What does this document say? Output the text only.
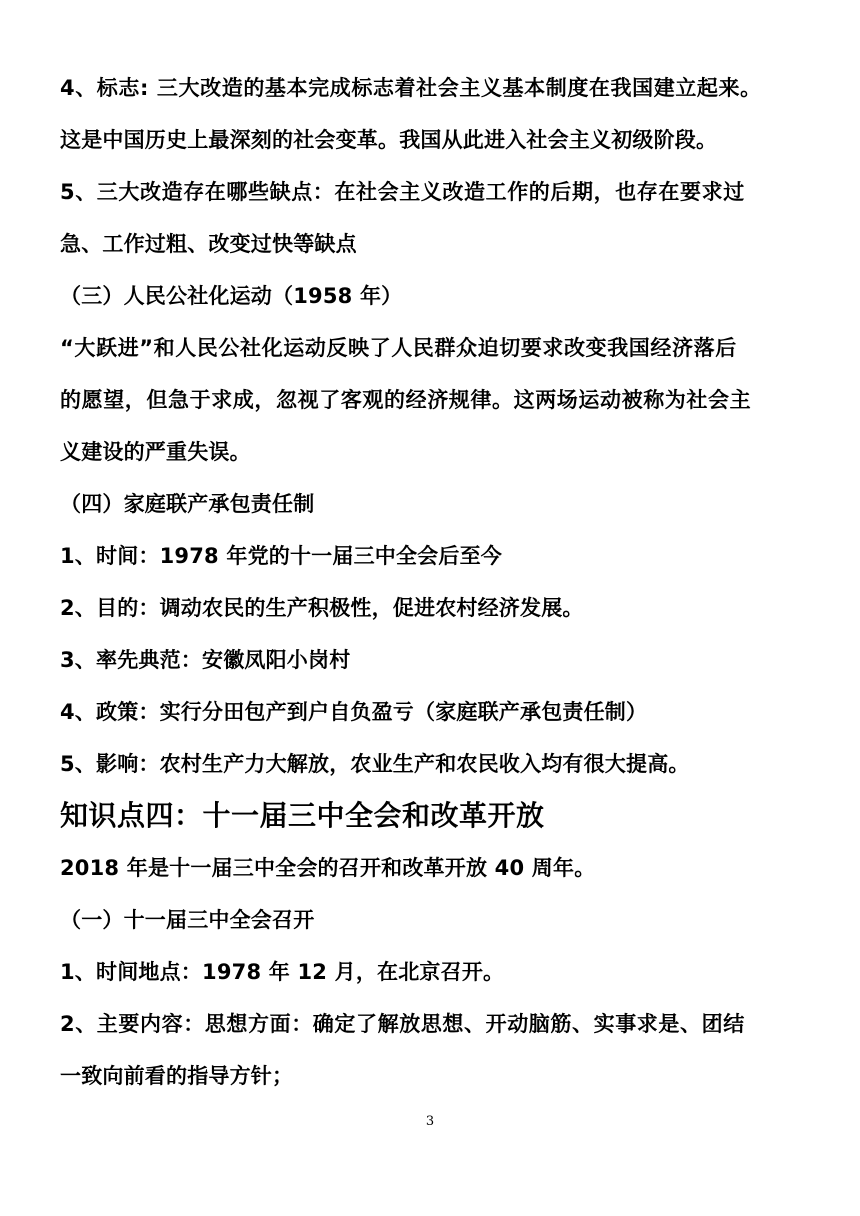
4、标志: 三大改造的基本完成标志着社会主义基本制度在我国建立起来。
这是中国历史上最深刻的社会变革。我国从此进入社会主义初级阶段。
5、三大改造存在哪些缺点：在社会主义改造工作的后期，也存在要求过
急、工作过粗、改变过快等缺点
（三）人民公社化运动（1958 年）
“大跃进”和人民公社化运动反映了人民群众迫切要求改变我国经济落后
的愿望，但急于求成，忽视了客观的经济规律。这两场运动被称为社会主
义建设的严重失误。
（四）家庭联产承包责任制
1、时间：1978 年党的十一届三中全会后至今
2、目的：调动农民的生产积极性，促进农村经济发展。
3、率先典范：安徽凤阳小岗村
4、政策：实行分田包产到户自负盈亏（家庭联产承包责任制）
5、影响：农村生产力大解放，农业生产和农民收入均有很大提高。
知识点四：十一届三中全会和改革开放
2018 年是十一届三中全会的召开和改革开放 40 周年。
（一）十一届三中全会召开
1、时间地点：1978 年 12 月，在北京召开。
2、主要内容：思想方面：确定了解放思想、开动脑筋、实事求是、团结
一致向前看的指导方针；
3
